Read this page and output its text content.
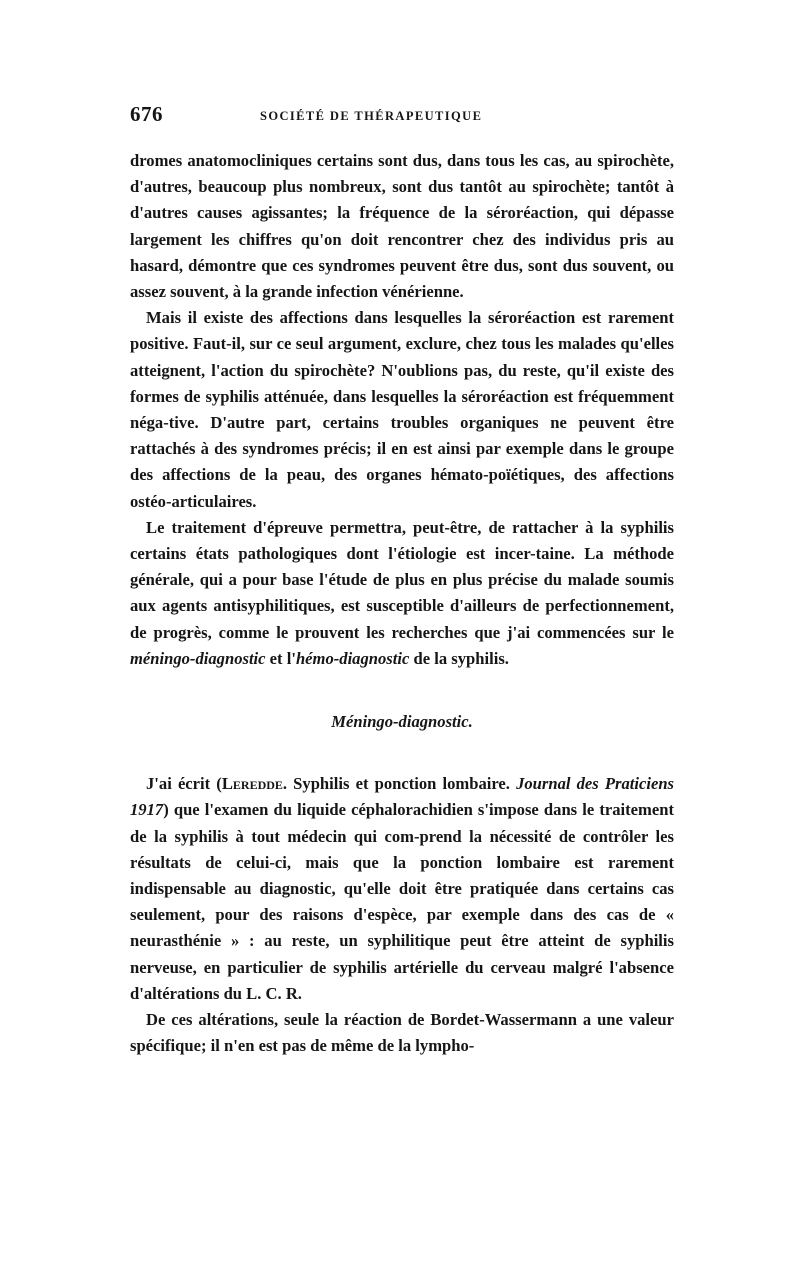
676	SOCIÉTÉ DE THÉRAPEUTIQUE

dromes anatomocliniques certains sont dus, dans tous les cas, au spirochète, d'autres, beaucoup plus nombreux, sont dus tantôt au spirochète; tantôt à d'autres causes agissantes; la fréquence de la séroréaction, qui dépasse largement les chiffres qu'on doit rencontrer chez des individus pris au hasard, démontre que ces syndromes peuvent être dus, sont dus souvent, ou assez souvent, à la grande infection vénérienne.

Mais il existe des affections dans lesquelles la séroréaction est rarement positive. Faut-il, sur ce seul argument, exclure, chez tous les malades qu'elles atteignent, l'action du spirochète? N'oublions pas, du reste, qu'il existe des formes de syphilis atténuée, dans lesquelles la séroréaction est fréquemment néga-tive. D'autre part, certains troubles organiques ne peuvent être rattachés à des syndromes précis; il en est ainsi par exemple dans le groupe des affections de la peau, des organes hémato-poïétiques, des affections ostéo-articulaires.

Le traitement d'épreuve permettra, peut-être, de rattacher à la syphilis certains états pathologiques dont l'étiologie est incer-taine. La méthode générale, qui a pour base l'étude de plus en plus précise du malade soumis aux agents antisyphilitiques, est susceptible d'ailleurs de perfectionnement, de progrès, comme le prouvent les recherches que j'ai commencées sur le méningo-diagnostic et l'hémo-diagnostic de la syphilis.

Méningo-diagnostic.

J'ai écrit (Leredde. Syphilis et ponction lombaire. Journal des Praticiens 1917) que l'examen du liquide céphalorachidien s'impose dans le traitement de la syphilis à tout médecin qui com-prend la nécessité de contrôler les résultats de celui-ci, mais que la ponction lombaire est rarement indispensable au diagnostic, qu'elle doit être pratiquée dans certains cas seulement, pour des raisons d'espèce, par exemple dans des cas de « neurasthénie » : au reste, un syphilitique peut être atteint de syphilis nerveuse, en particulier de syphilis artérielle du cerveau malgré l'absence d'altérations du L. C. R.

De ces altérations, seule la réaction de Bordet-Wassermann a une valeur spécifique; il n'en est pas de même de la lympho-
